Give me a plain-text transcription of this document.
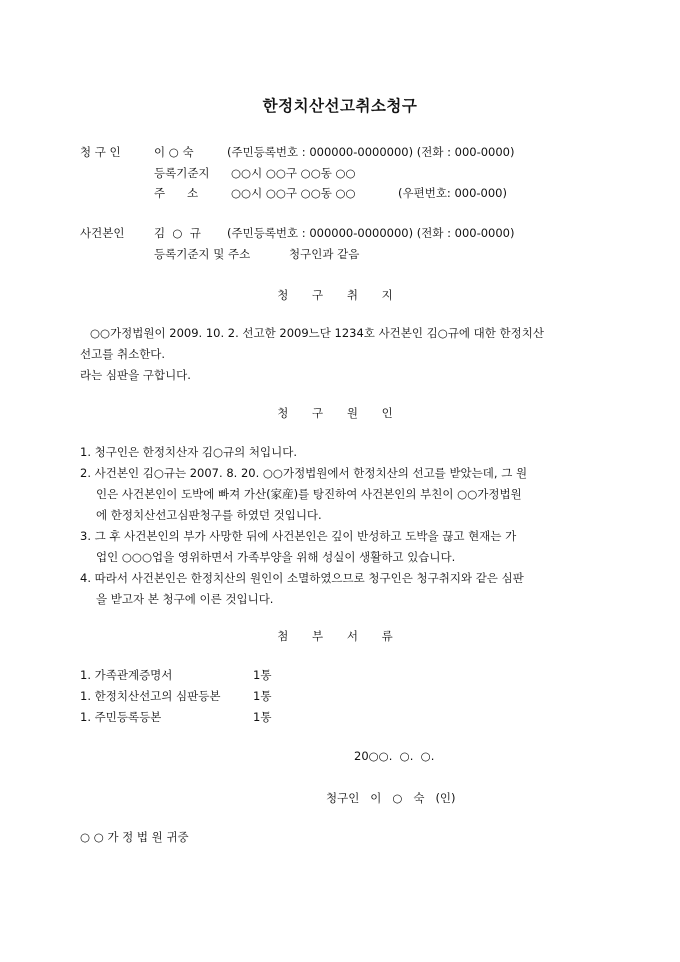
한정치산선고취소청구
청 구 인	이 ○ 숙	(주민등록번호 : 000000-0000000) (전화 : 000-0000)
등록기준지 ○○시 ○○구 ○○동 ○○
주      소	○○시 ○○구 ○○동 ○○	(우편번호: 000-000)
사건본인	김  ○  규 (주민등록번호 : 000000-0000000) (전화 : 000-0000)
등록기준지 및 주소	청구인과 같음
청 구 취 지
○○가정법원이 2009. 10. 2. 선고한 2009느단 1234호 사건본인 김○규에 대한 한정치산
선고를 취소한다.
라는 심판을 구합니다.
청 구 원 인
1. 청구인은 한정치산자 김○규의 처입니다.
2. 사건본인 김○규는 2007. 8. 20. ○○가정법원에서 한정치산의 선고를 받았는데, 그 원
인은 사건본인이 도박에 빠져 가산(家産)를 탕진하여 사건본인의 부친이 ○○가정법원
에 한정치산선고심판청구를 하였던 것입니다.
3. 그 후 사건본인의 부가 사망한 뒤에 사건본인은 깊이 반성하고 도박을 끊고 현재는 가
업인 ○○○업을 영위하면서 가족부양을 위해 성실이 생활하고 있습니다.
4. 따라서 사건본인은 한정치산의 원인이 소멸하였으므로 청구인은 청구취지와 같은 심판
을 받고자 본 청구에 이른 것입니다.
첨 부 서 류
1. 가족관계증명서	1통
1. 한정치산선고의 심판등본	1통
1. 주민등록등본	1통
20○○.  ○.  ○.
청구인   이   ○   숙   (인)
○ ○ 가 정 법 원 귀중
